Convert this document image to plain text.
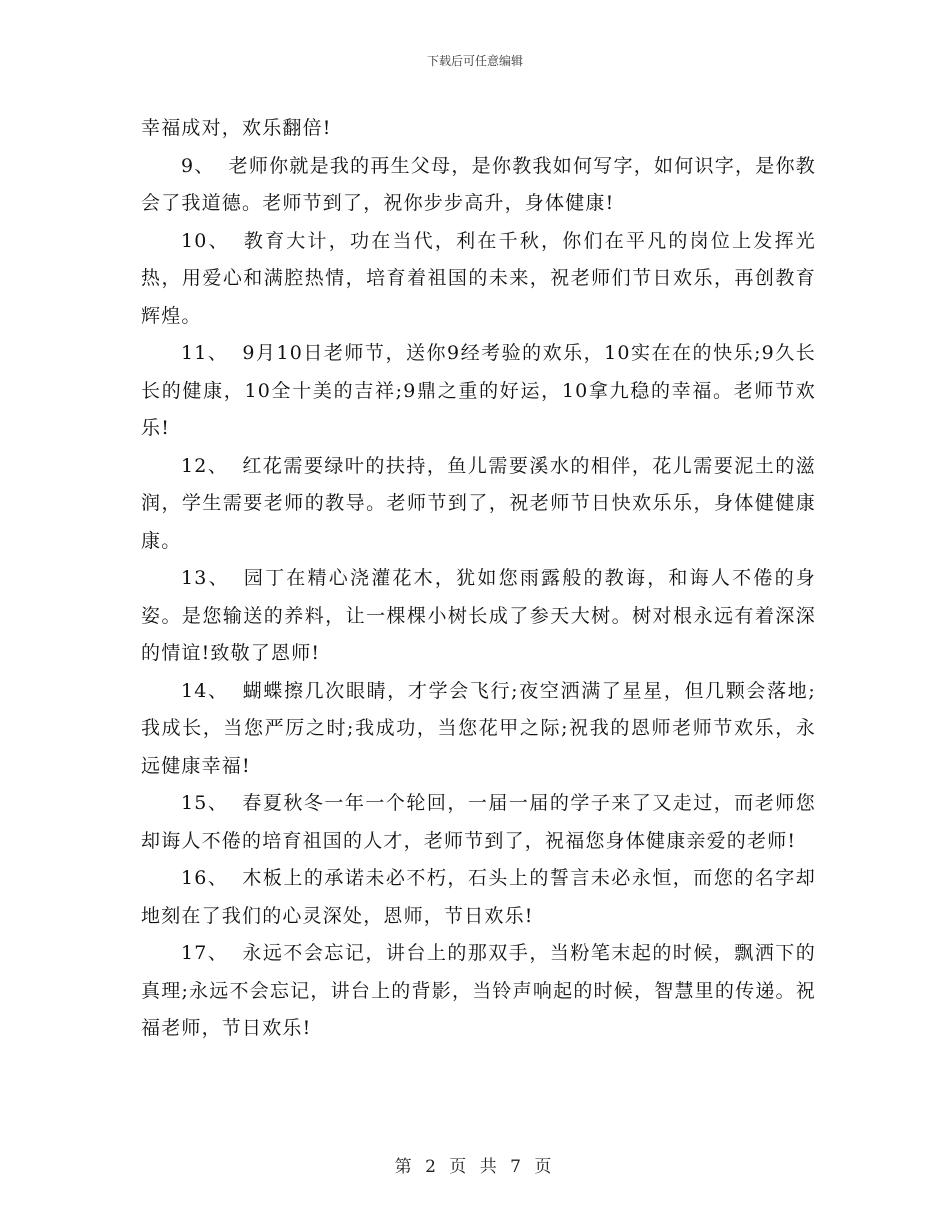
下载后可任意编辑

幸福成对，欢乐翻倍!

9、 老师你就是我的再生父母，是你教我如何写字，如何识字，是你教会了我道德。老师节到了，祝你步步高升，身体健康!

10、 教育大计，功在当代，利在千秋，你们在平凡的岗位上发挥光热，用爱心和满腔热情，培育着祖国的未来，祝老师们节日欢乐，再创教育辉煌。

11、 9月10日老师节，送你9经考验的欢乐，10实在在的快乐;9久长长的健康，10全十美的吉祥;9鼎之重的好运，10拿九稳的幸福。老师节欢乐!

12、 红花需要绿叶的扶持，鱼儿需要溪水的相伴，花儿需要泥土的滋润，学生需要老师的教导。老师节到了，祝老师节日快欢乐乐，身体健健康康。

13、 园丁在精心浇灌花木，犹如您雨露般的教诲，和诲人不倦的身姿。是您输送的养料，让一棵棵小树长成了参天大树。树对根永远有着深深的情谊!致敬了恩师!

14、 蝴蝶擦几次眼睛，才学会飞行;夜空洒满了星星，但几颗会落地;我成长，当您严厉之时;我成功，当您花甲之际;祝我的恩师老师节欢乐，永远健康幸福!

15、 春夏秋冬一年一个轮回，一届一届的学子来了又走过，而老师您却诲人不倦的培育祖国的人才，老师节到了，祝福您身体健康亲爱的老师!

16、 木板上的承诺未必不朽，石头上的誓言未必永恒，而您的名字却地刻在了我们的心灵深处，恩师，节日欢乐!

17、 永远不会忘记，讲台上的那双手，当粉笔末起的时候，飘洒下的真理;永远不会忘记，讲台上的背影，当铃声响起的时候，智慧里的传递。祝福老师，节日欢乐!

第 2 页 共 7 页
